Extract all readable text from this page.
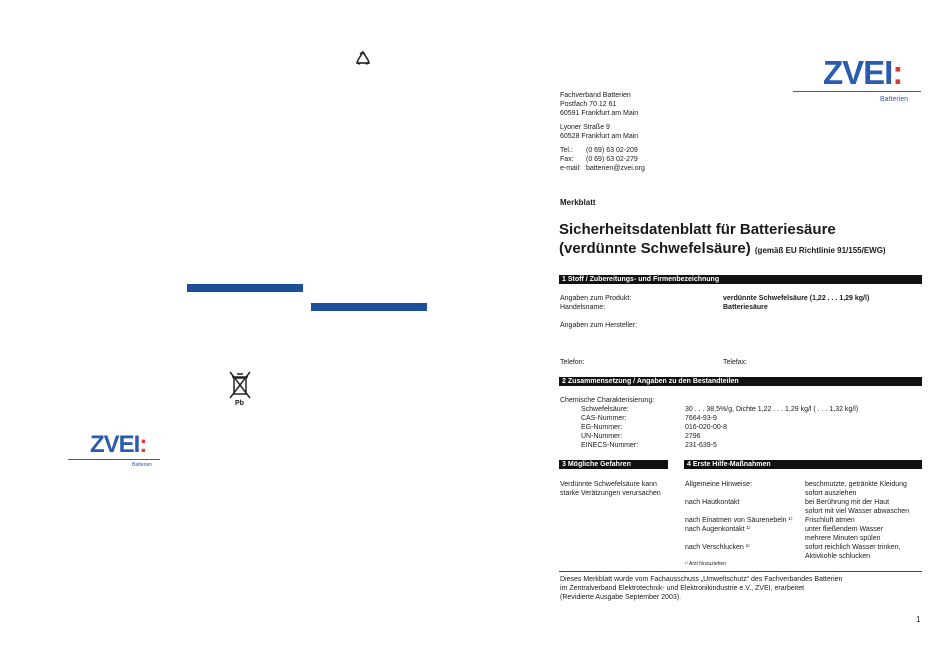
Pb
ZVEI:
Batterien
ZVEI:
Batterien
Fachverband Batterien
Postfach 70 12 61
60591 Frankfurt am Main
Lyoner Straße 9
60528 Frankfurt am Main
Tel.: (0 69) 63 02-209
Fax: (0 69) 63 02-279
e-mail: batterien@zvei.org
Merkblatt
Sicherheitsdatenblatt für Batteriesäure
(verdünnte Schwefelsäure) (gemäß EU Richtlinie 91/155/EWG)
1 Stoff / Zubereitungs- und Firmenbezeichnung
Angaben zum Produkt:	verdünnte Schwefelsäure (1,22 . . . 1,29 kg/l)
Handelsname:	Batteriesäure
Angaben zum Hersteller:
Telefon:	Telefax:
2 Zusammensetzung / Angaben zu den Bestandteilen
Chemische Charakterisierung:
Schwefelsäure:	30 . . . 38,5%/g, Dichte 1,22 . . . 1,29 kg/l ( . . . 1,32 kg/l)
CAS-Nummer:	7664-93-9
EG-Nummer:	016-020-00-8
UN-Nummer:	2796
EINECS-Nummer:	231-639-5
3 Mögliche Gefahren
Verdünnte Schwefelsäure kann
starke Verätzungen verursachen
4 Erste Hilfe-Maßnahmen
Allgemeine Hinweise:	beschmutzte, getränkte Kleidung
sofort ausziehen
nach Hautkontakt	bei Berührung mit der Haut
sofort mit viel Wasser abwaschen
nach Einatmen von Säurenebeln ¹⁾ Frischluft atmen
nach Augenkontakt ¹⁾	unter fließendem Wasser
mehrere Minuten spülen
nach Verschlucken ¹⁾	sofort reichlich Wasser trinken,
Aktivkohle schlucken
¹⁾ Arzt hinzuziehen
Dieses Merkblatt wurde vom Fachausschuss „Umweltschutz“ des Fachverbandes Batterien
im Zentralverband Elektrotechnik- und Elektronikindustrie e.V., ZVEI, erarbeitet
(Revidierte Ausgabe September 2003).
1
